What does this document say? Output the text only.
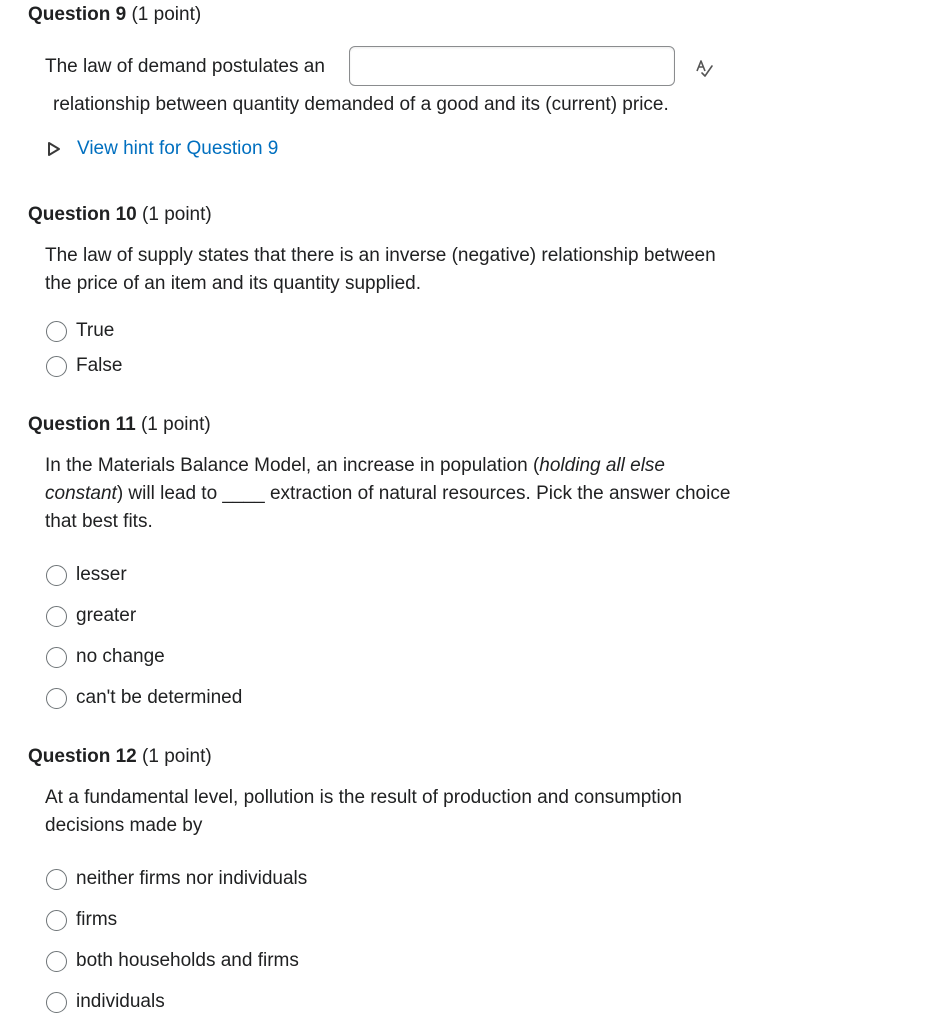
Question 9 (1 point)
The law of demand postulates an
relationship between quantity demanded of a good and its (current) price.
View hint for Question 9
Question 10 (1 point)
The law of supply states that there is an inverse (negative) relationship between
the price of an item and its quantity supplied.
True
False
Question 11 (1 point)
In the Materials Balance Model, an increase in population (holding all else
constant) will lead to ____ extraction of natural resources. Pick the answer choice
that best fits.
lesser
greater
no change
can't be determined
Question 12 (1 point)
At a fundamental level, pollution is the result of production and consumption
decisions made by
neither firms nor individuals
firms
both households and firms
individuals
